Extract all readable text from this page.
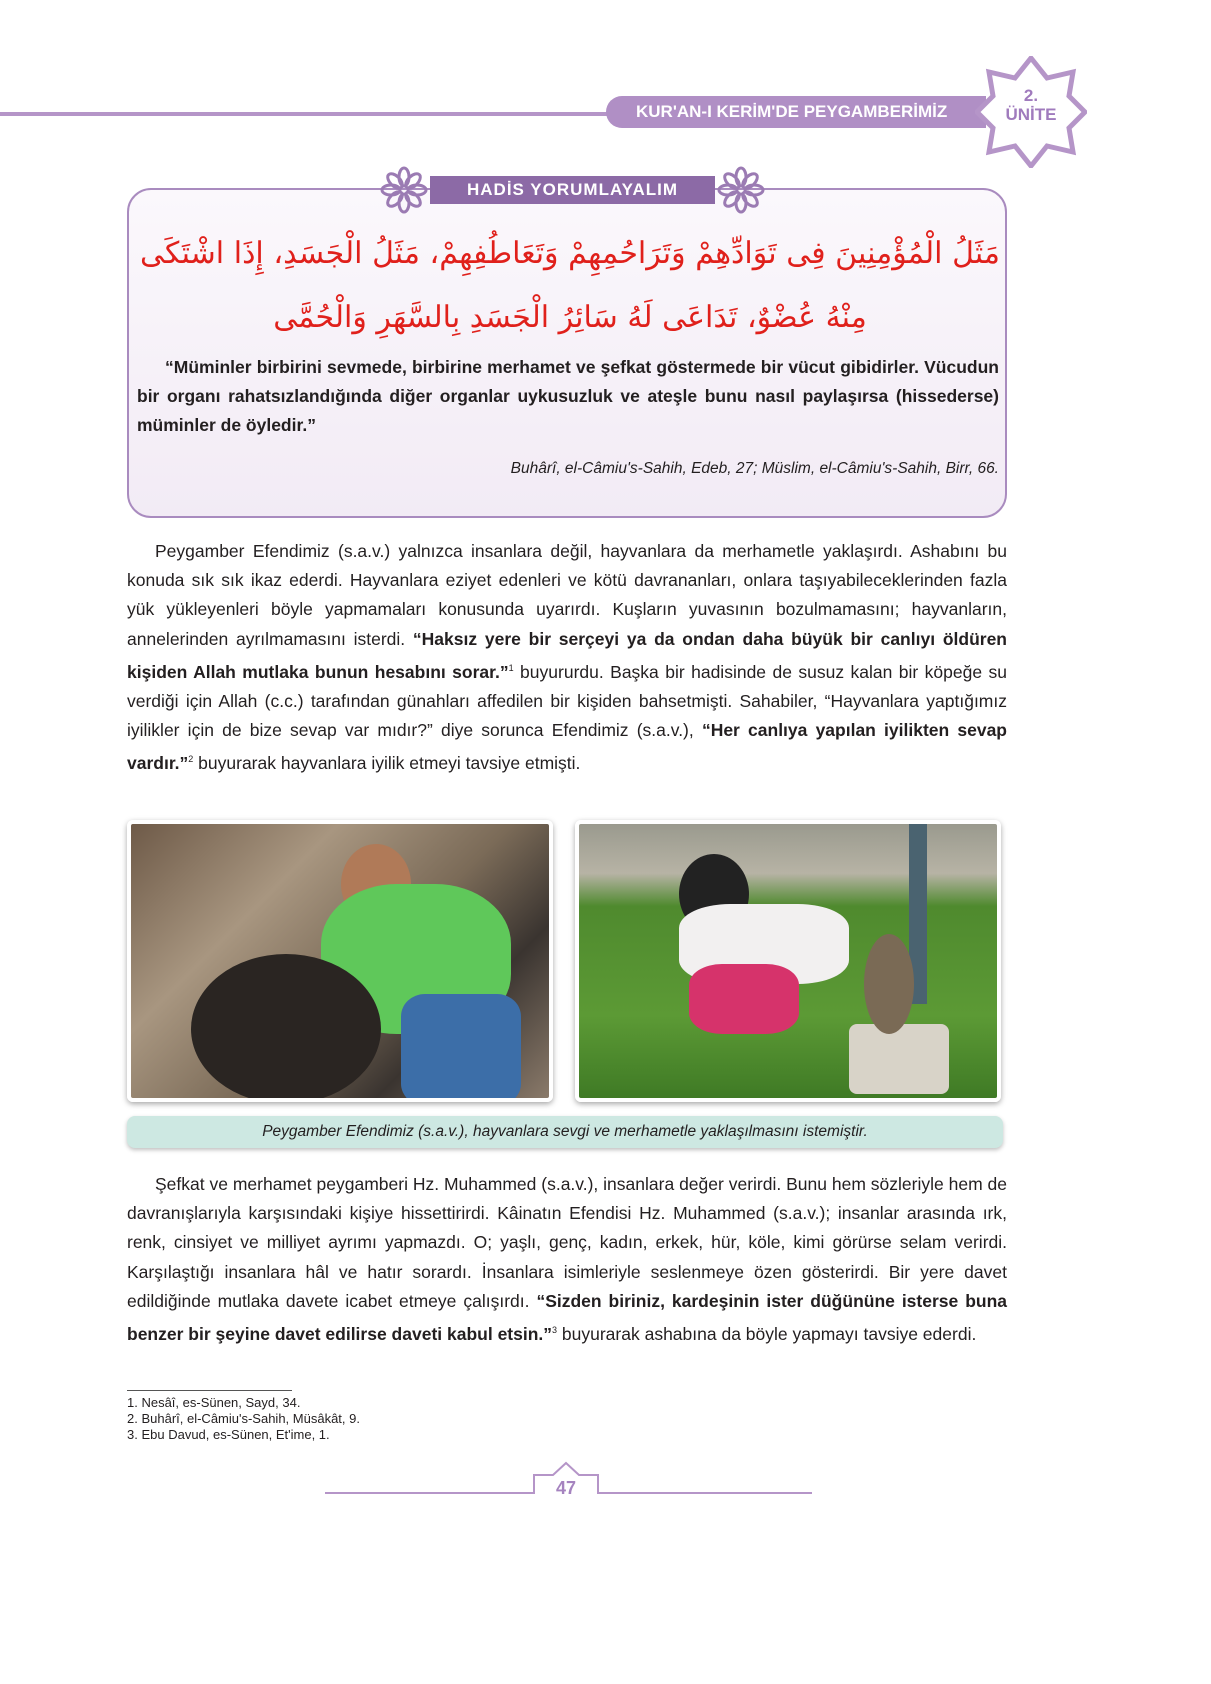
KUR'AN-I KERİM'DE PEYGAMBERİMİZ
2.
ÜNİTE
HADİS YORUMLAYALIM
مَثَلُ الْمُؤْمِنِينَ فِى تَوَادِّهِمْ وَتَرَاحُمِهِمْ وَتَعَاطُفِهِمْ، مَثَلُ الْجَسَدِ، إِذَا اشْتَكَى مِنْهُ عُضْوٌ، تَدَاعَى لَهُ سَائِرُ الْجَسَدِ بِالسَّهَرِ وَالْحُمَّى
“Müminler birbirini sevmede, birbirine merhamet ve şefkat göstermede bir vücut gibidirler. Vücudun bir organı rahatsızlandığında diğer organlar uykusuzluk ve ateşle bunu nasıl paylaşırsa (hissederse) müminler de öyledir.”
Buhârî, el-Câmiu's-Sahih, Edeb, 27; Müslim, el-Câmiu's-Sahih, Birr, 66.

Peygamber Efendimiz (s.a.v.) yalnızca insanlara değil, hayvanlara da merhametle yaklaşırdı. Ashabını bu konuda sık sık ikaz ederdi. Hayvanlara eziyet edenleri ve kötü davrananları, onlara taşıyabileceklerinden fazla yük yükleyenleri böyle yapmamaları konusunda uyarırdı. Kuşların yuvasının bozulmamasını; hayvanların, annelerinden ayrılmamasını isterdi. “Haksız yere bir serçeyi ya da ondan daha büyük bir canlıyı öldüren kişiden Allah mutlaka bunun hesabını sorar.”$^1$ buyururdu. Başka bir hadisinde de susuz kalan bir köpeğe su verdiği için Allah (c.c.) tarafından günahları affedilen bir kişiden bahsetmişti. Sahabiler, “Hayvanlara yaptığımız iyilikler için de bize sevap var mıdır?” diye sorunca Efendimiz (s.a.v.), “Her canlıya yapılan iyilikten sevap vardır.”$^2$ buyurarak hayvanlara iyilik etmeyi tavsiye etmişti.

Peygamber Efendimiz (s.a.v.), hayvanlara sevgi ve merhametle yaklaşılmasını istemiştir.

Şefkat ve merhamet peygamberi Hz. Muhammed (s.a.v.), insanlara değer verirdi. Bunu hem sözleriyle hem de davranışlarıyla karşısındaki kişiye hissettirirdi. Kâinatın Efendisi Hz. Muhammed (s.a.v.); insanlar arasında ırk, renk, cinsiyet ve milliyet ayrımı yapmazdı. O; yaşlı, genç, kadın, erkek, hür, köle, kimi görürse selam verirdi. Karşılaştığı insanlara hâl ve hatır sorardı. İnsanlara isimleriyle seslenmeye özen gösterirdi. Bir yere davet edildiğinde mutlaka davete icabet etmeye çalışırdı. “Sizden biriniz, kardeşinin ister düğününe isterse buna benzer bir şeyine davet edilirse daveti kabul etsin.”$^3$ buyurarak ashabına da böyle yapmayı tavsiye ederdi.

1. Nesâî, es-Sünen, Sayd, 34.
2. Buhârî, el-Câmiu's-Sahih, Müsâkât, 9.
3. Ebu Davud, es-Sünen, Et'ime, 1.
47
